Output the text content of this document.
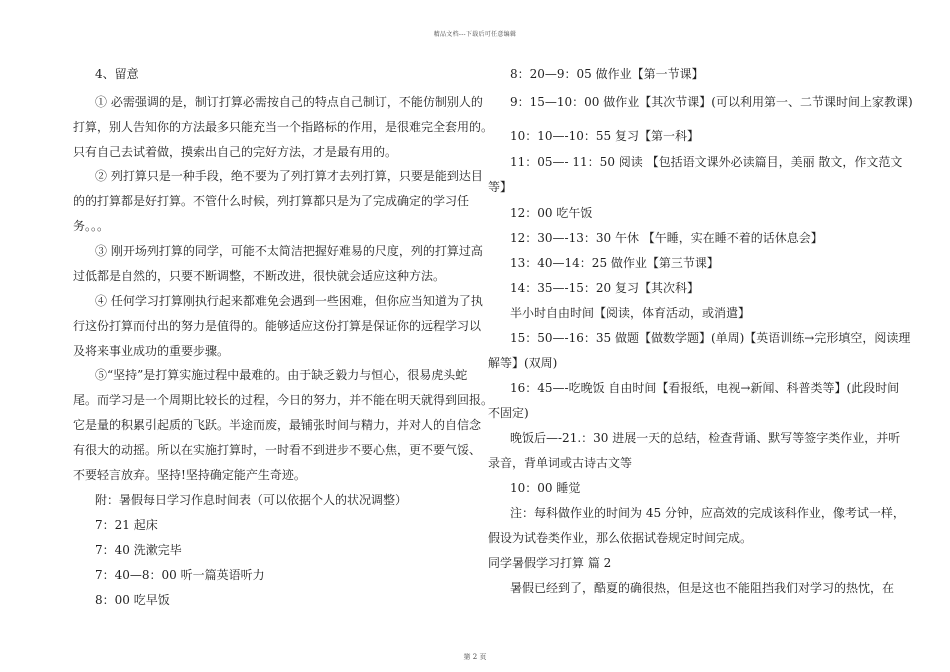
精品文档---下载后可任意编辑

4、留意

① 必需强调的是，制订打算必需按自己的特点自己制订，不能仿制别人的

打算，别人告知你的方法最多只能充当一个指路标的作用，是很难完全套用的。

只有自己去试着做，摸索出自己的完好方法，才是最有用的。

② 列打算只是一种手段，绝不要为了列打算才去列打算，只要是能到达目

的的打算都是好打算。不管什么时候，列打算都只是为了完成确定的学习任

务。。。

③ 刚开场列打算的同学，可能不太简洁把握好难易的尺度，列的打算过高

过低都是自然的，只要不断调整，不断改进，很快就会适应这种方法。

④ 任何学习打算刚执行起来都难免会遇到一些困难，但你应当知道为了执

行这份打算而付出的努力是值得的。能够适应这份打算是保证你的远程学习以

及将来事业成功的重要步骤。

⑤“坚持”是打算实施过程中最难的。由于缺乏毅力与恒心，很易虎头蛇

尾。而学习是一个周期比较长的过程，今日的努力，并不能在明天就得到回报。

它是量的积累引起质的飞跃。半途而废，最铺张时间与精力，并对人的自信念

有很大的动摇。所以在实施打算时，一时看不到进步不要心焦，更不要气馁、

不要轻言放弃。坚持!坚持确定能产生奇迹。

附：暑假每日学习作息时间表（可以依据个人的状况调整）

7：21 起床

7：40 洗漱完毕

7：40—8：00 听一篇英语听力

8：00 吃早饭

8：20—9：05 做作业【第一节课】

9：15—10：00 做作业【其次节课】(可以利用第一、二节课时间上家教课)

10：10—-10：55 复习【第一科】

11：05—- 11：50 阅读 【包括语文课外必读篇目，美丽 散文，作文范文

等】

12：00 吃午饭

12：30—-13：30 午休 【午睡，实在睡不着的话休息会】

13：40—14：25 做作业【第三节课】

14：35—-15：20 复习【其次科】

半小时自由时间【阅读，体育活动，或消遣】

15：50—-16：35 做题【做数学题】(单周)【英语训练→完形填空，阅读理

解等】(双周)

16：45—-吃晚饭 自由时间【看报纸，电视→新闻、科普类等】(此段时间

不固定)

晚饭后—-21.：30 进展一天的总结，检查背诵、默写等签字类作业，并听

录音，背单词或古诗古文等

10：00 睡觉

注：每科做作业的时间为 45 分钟，应高效的完成该科作业，像考试一样，

假设为试卷类作业，那么依据试卷规定时间完成。

同学暑假学习打算 篇 2

暑假已经到了，酷夏的确很热，但是这也不能阻挡我们对学习的热忱，在

第 2 页
